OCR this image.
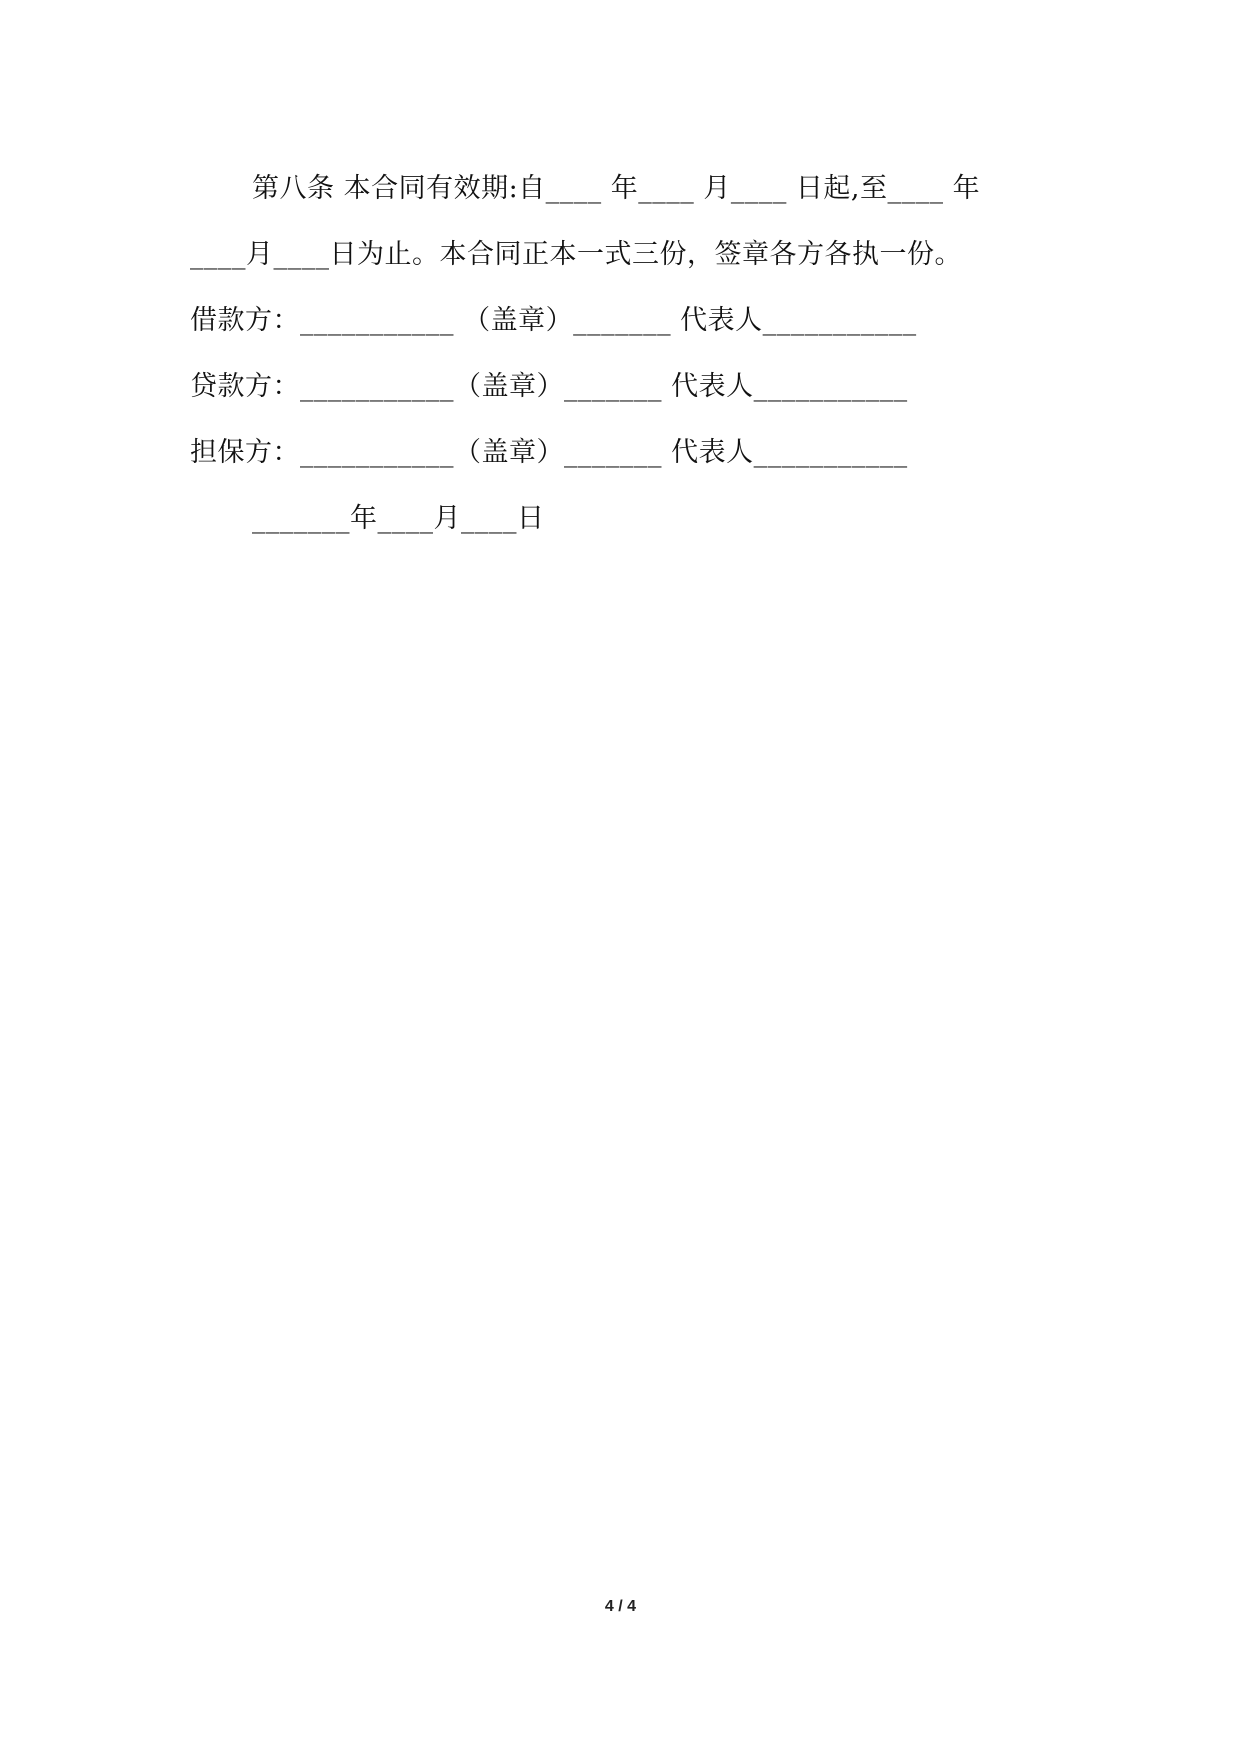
第八条 本合同有效期:自____ 年____ 月____ 日起,至____ 年
____月____日为止。本合同正本一式三份，签章各方各执一份。
借款方：___________ （盖章）_______ 代表人___________
贷款方：___________（盖章）_______ 代表人___________
担保方：___________（盖章）_______ 代表人___________
_______年____月____日
4 / 4
